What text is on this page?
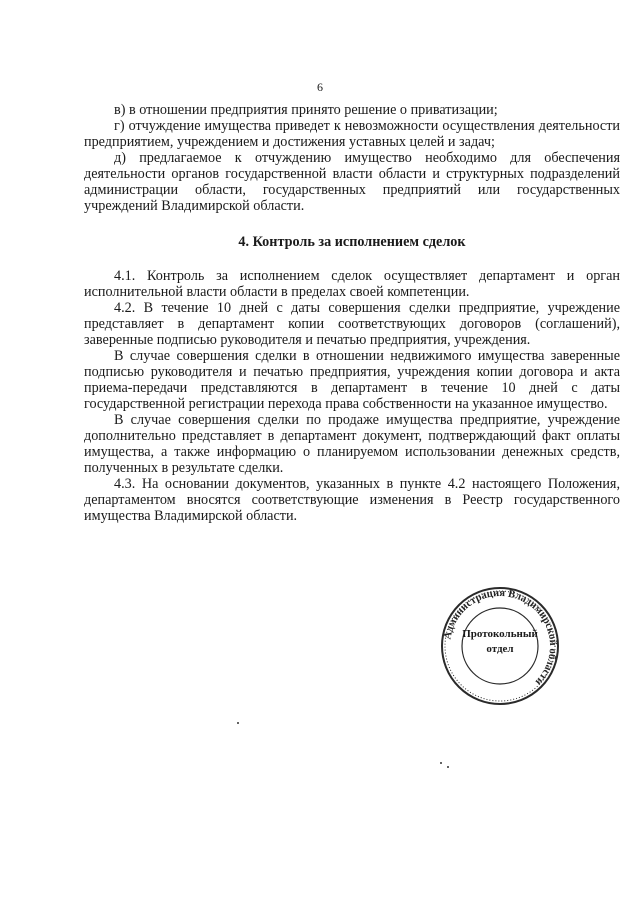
6

в) в отношении предприятия принято решение о приватизации;

г) отчуждение имущества приведет к невозможности осуществления деятельности предприятием, учреждением и достижения уставных целей и задач;

д) предлагаемое к отчуждению имущество необходимо для обеспечения деятельности органов государственной власти области и структурных подразделений администрации области, государственных предприятий или государственных учреждений Владимирской области.

4. Контроль за исполнением сделок

4.1. Контроль за исполнением сделок осуществляет департамент и орган исполнительной власти области в пределах своей компетенции.

4.2. В течение 10 дней с даты совершения сделки предприятие, учреждение представляет в департамент копии соответствующих договоров (соглашений), заверенные подписью руководителя и печатью предприятия, учреждения.

В случае совершения сделки в отношении недвижимого имущества заверенные подписью руководителя и печатью предприятия, учреждения копии договора и акта приема-передачи представляются в департамент в течение 10 дней с даты государственной регистрации перехода права собственности на указанное имущество.

В случае совершения сделки по продаже имущества предприятие, учреждение дополнительно представляет в департамент документ, подтверждающий факт оплаты имущества, а также информацию о планируемом использовании денежных средств, полученных в результате сделки.

4.3. На основании документов, указанных в пункте 4.2 настоящего Положения, департаментом вносятся соответствующие изменения в Реестр государственного имущества Владимирской области.

Администрация Владимирской области
Протокольный
отдел
